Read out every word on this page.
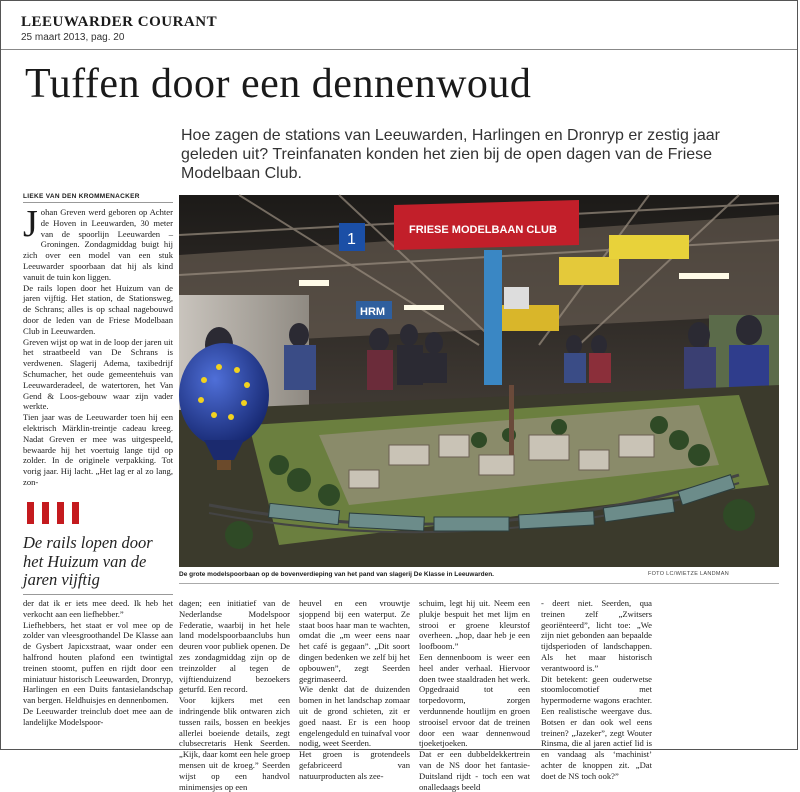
LEEUWARDER COURANT
25 maart 2013, pag. 20
Tuffen door een dennenwoud

Hoe zagen de stations van Leeuwarden, Harlingen en Dronryp er zestig jaar geleden uit? Treinfanaten konden het zien bij de open dagen van de Friese Modelbaan Club.

LIEKE VAN DEN KROMMENACKER

Johan Greven werd geboren op Achter de Hoven in Leeuwarden, 30 meter van de spoorlijn Leeuwarden – Groningen. Zondagmiddag buigt hij zich over een model van een stuk Leeuwarder spoorbaan dat hij als kind vanuit de tuin kon liggen.

De rails lopen door het Huizum van de jaren vijftig. Het station, de Stationsweg, de Schrans; alles is op schaal nagebouwd door de leden van de Friese Modelbaan Club in Leeuwarden.

Greven wijst op wat in de loop der jaren uit het straatbeeld van De Schrans is verdwenen. Slagerij Adema, taxibedrijf Schumacher, het oude gemeentehuis van Leeuwarderadeel, de watertoren, het Van Gend & Loos-gebouw waar zijn vader werkte.

Tien jaar was de Leeuwarder toen hij een elektrisch Märklin-treintje cadeau kreeg. Nadat Greven er mee was uitgespeeld, bewaarde hij het voertuig lange tijd op zolder. In de originele verpakking. Tot vorig jaar. Hij lacht. „Het lag er al zo lang, zon-

De rails lopen door het Huizum van de jaren vijftig
FRIESE MODELBAAN CLUB
1
HRM
De grote modelspoorbaan op de bovenverdieping van het pand van slagerij De Klasse in Leeuwarden.	FOTO LC/WIETZE LANDMAN

der dat ik er iets mee deed. Ik heb het verkocht aan een liefhebber.”

Liefhebbers, het staat er vol mee op de zolder van vleesgroothandel De Klasse aan de Gysbert Japicxstraat, waar onder een halfrond houten plafond een twintigtal treinen stoomt, puffen en rijdt door een miniatuur historisch Leeuwarden, Dronryp, Harlingen en een Duits fantasielandschap van bergen. Heldhuisjes en dennenbomen.

De Leeuwarder treinclub doet mee aan de landelijke Modelspoor-

dagen; een initiatief van de Nederlandse Modelspoor Federatie, waarbij in het hele land modelspoorbaanclubs hun deuren voor publiek openen. De zes zondagmiddag zijn op de treinzolder al tegen de vijftienduizend bezoekers geturfd. Een record.

Voor kijkers met een indringende blik ontwaren zich tussen rails, bossen en beekjes allerlei boeiende details, zegt clubsecretaris Henk Seerden. „Kijk, daar komt een hele groep mensen uit de kroeg.” Seerden wijst op een handvol minimensjes op een

heuvel en een vrouwtje sjoppend bij een waterput. Ze staat boos haar man te wachten, omdat die „m weer eens naar het café is gegaan”. „Dit soort dingen bedenken we zelf bij het opbouwen”, zegt Seerden gegrimaseerd.

Wie denkt dat de duizenden bomen in het landschap zomaar uit de grond schieten, zit er goed naast. Er is een hoop engelengeduld en tuinafval voor nodig, weet Seerden.

Het groen is grotendeels gefabriceerd van natuurproducten als zee-

schuim, legt hij uit. Neem een plukje bespuit het met lijm en strooi er groene kleurstof overheen. „hop, daar heb je een loofboom.”

Een dennenboom is weer een heel ander verhaal. Hiervoor doen twee staaldraden het werk. Opgedraaid tot een torpedovorm, zorgen verdunnende houtlijm en groen strooisel ervoor dat de treinen door een waar dennenwoud tjoeketjoeken.

Dat er een dubbeldekkertrein van de NS door het fantasie-Duitsland rijdt - toch een wat onalledaags beeld

- deert niet. Seerden, qua treinen zelf „Zwitsers georiënteerd”, licht toe: „We zijn niet gebonden aan bepaalde tijdsperioden of landschappen. Als het maar historisch verantwoord is.”

Dit betekent: geen ouderwetse stoomlocomotief met hypermoderne wagons erachter. Een realistische weergave dus. Botsen er dan ook wel eens treinen? „Jazeker”, zegt Wouter Rinsma, die al jaren actief lid is en vandaag als ‘machinist’ achter de knoppen zit. „Dat doet de NS toch ook?”
